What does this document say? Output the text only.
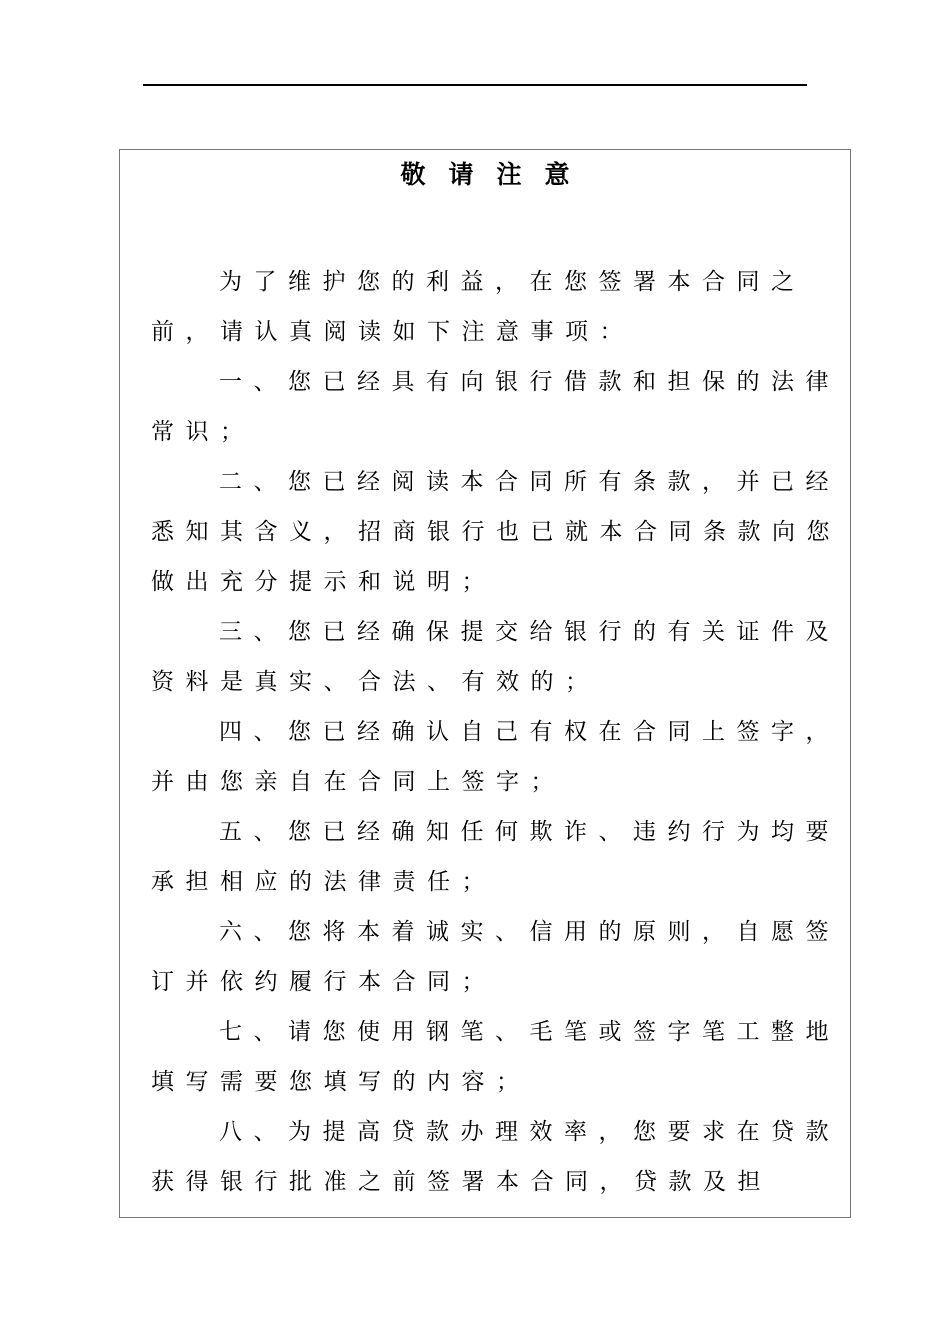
敬请注意

为了维护您的利益，在您签署本合同之前，请认真阅读如下注意事项：

一、您已经具有向银行借款和担保的法律常识；

二、您已经阅读本合同所有条款，并已经悉知其含义，招商银行也已就本合同条款向您做出充分提示和说明；

三、您已经确保提交给银行的有关证件及资料是真实、合法、有效的；

四、您已经确认自己有权在合同上签字，并由您亲自在合同上签字；

五、您已经确知任何欺诈、违约行为均要承担相应的法律责任；

六、您将本着诚实、信用的原则，自愿签订并依约履行本合同；

七、请您使用钢笔、毛笔或签字笔工整地填写需要您填写的内容；

八、为提高贷款办理效率，您要求在贷款获得银行批准之前签署本合同，贷款及担
